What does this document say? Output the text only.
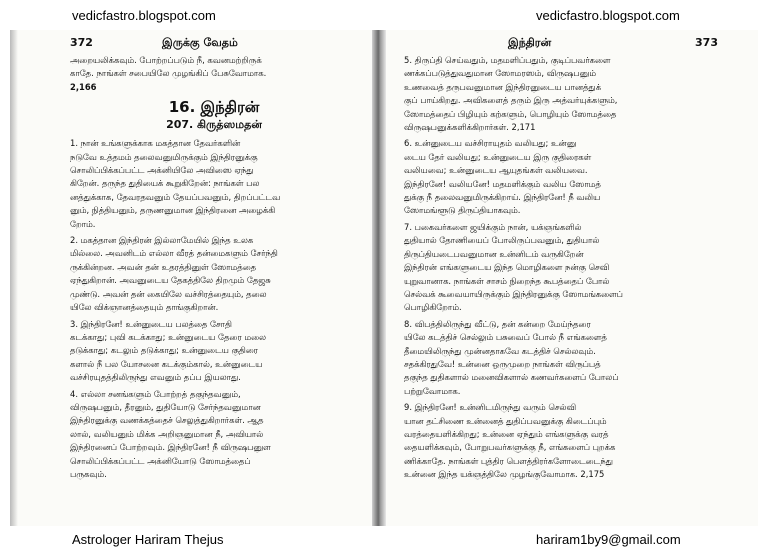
vedicfastro.blogspot.com	vedicfastro.blogspot.com
372	இருக்கு வேதம்
அறையலிக்கவும். போற்றப்படும் நீ, கவனமற்றிருக்
காதே. நாங்கள் சபையிலே முழங்கிப் பேசுவோமாக.
2,166
16. இந்திரன்
207. கிருத்ஸமதன்
1. நான் உங்களுக்காக மகத்தான தேவர்களின்
நடுவே உத்தமம் தலைவனுமிருக்கும் இந்திரனுக்கு
சொலிப்பிக்கப்பட்ட அக்னியிலே அவிஸை ஏந்து
கிறேன். தருந்த துதியைக் கூறுகிறேன்: நாங்கள் பல
னத்துக்காக, தேவரதவனும் தேயப்பவனும், திறப்பட்டவ
னும், நித்தியனும், தருணனுமான இந்திரனை அழைக்கி
றோம்.
2. மகத்தான இந்திரன் இல்லாமேயில் இந்த உலக
மில்லை. அவனிடம் எல்லா வீரத் தன்மைகளும் சேர்ந்தி
ருக்கின்றன. அவன் தன் உதரத்தினுள் ஸோமத்தை
ஏந்துகிறான். அவனுடைய தேகத்திலே திறமும் தேஜசு
முண்டு. அவன் தன் கையிலே வச்சிரத்தையும், தலை
யிலே விக்ஞானத்தையும் தாங்குகிறான்.
3. இந்திரனே! உன்னுடைய பலத்தை சோதி
கடக்காது; புவி கடக்காது; உன்னுடைய தேரை மலை
தடுக்காது; கடலும் தடுக்காது; உன்னுடைய குதிரை
களால் நீ பல யோசனை கடக்கும்கால், உன்னுடைய
வச்சிரயுதத்திலிருந்து எவனும் தப்ப இயலாது.
4. எல்லா சனங்களும் போற்றத் தகுந்தவனும்,
விருஷபனும், தீரனும், துதியோடு சேர்ந்தவனுமான
இந்திரனுக்கு வணக்கத்தைச் செலுத்துகிறார்கள். ஆத
லால், வலியனும் மிக்க அறிஞனுமான நீ, அவியால்
இந்திரனைப் போற்றவும். இந்திரனே! நீ விருஷபனுள
சொலிப்பிக்கப்பட்ட அக்னியோடு ஸோமத்தைப்
பருகவும்.
இந்திரன்	373
5. திருப்தி செய்வதும், மதமளிப்பதும், குடிப்பவர்களை
ணக்கப்படுத்துவதுமான ஸோமரஸம், விருஷபனும்
உணவைத் தருபவனுமான இந்திரனுடைய பானத்துக்
குப் பாய்கிறது. அவிகளைத் தரும் இரு அத்வர்யுக்களும்,
ஸோமத்தைப் பிழியும் கற்களும், பொழியும் ஸோமத்தை
விருஷபனுக்களிக்கிறார்கள். 2,171
6. உன்னுடைய வச்சிராயுதம் வலியது; உன்னு
டைய தேர் வலியது; உன்னுடைய இரு குதிரைகள்
வலியவை; உன்னுடைய ஆயுதங்கள் வலியவை.
இந்திரனே! வலியனே! மதமளிக்கும் வலிய ஸோமத்
துக்கு நீ தலைவனுமிருக்கிறாய். இந்திரனே! நீ வலிய
ஸோமங்ளூடு திருப்தியாகவும்.
7. பகைவர்களை ஜயிக்கும் நான், யக்ஞங்களில்
துதியால் தோணியைப் போலிருப்பவனும், துதியால்
திருப்தியடைபவனுமான உன்னிடம் வருகிறேன்
இந்திரன் எங்களுடைய இந்த மொழிகளை நன்கு செவி
யுறுவானாக. நாங்கள் சாசம் நிறைந்த கூபத்தைப் போல்
செல்வக் கூவையாயிருக்கும் இந்திரனுக்கு ஸோமங்களைப்
பொழிகிறோம்.
8. விபத்திலிருந்து வீட்டு, தன் கன்றை மேய்ந்தரை
யிலே கடத்திச் செல்லும் பசுவைப் போல் நீ எங்களைத்
தீமையிலிருந்து முன்னதாகவே கடத்திச் செல்லவும்.
சதக்கிரதுவே! உன்னை ஒருமுறை நாங்கள் விருப்பத்
தகுந்த துதிகளால் மனைவிகளால் கணவர்களைப் போலப்
பற்றுவோமாக.
9. இந்திரனே! உன்னிடமிருந்து வரும் செல்வி
யான தட்சிணை உன்னைத் துதிப்பவனுக்கு கிடைப்பும்
வரத்தையளிக்கிறது; உன்னை ஏந்தும் எங்களுக்கு வரத்
தையளிக்கவும், போறுபவர்களுக்கு நீ, எங்களைப் புறக்க
ணிக்காதே. நாங்கள் புத்திர பௌத்திரர்களோடைடைந்து
உன்னை இந்த யக்ஞத்திலே முழங்குவோமாக. 2,175
Astrologer Hariram Thejus	hariram1by9@gmail.com
